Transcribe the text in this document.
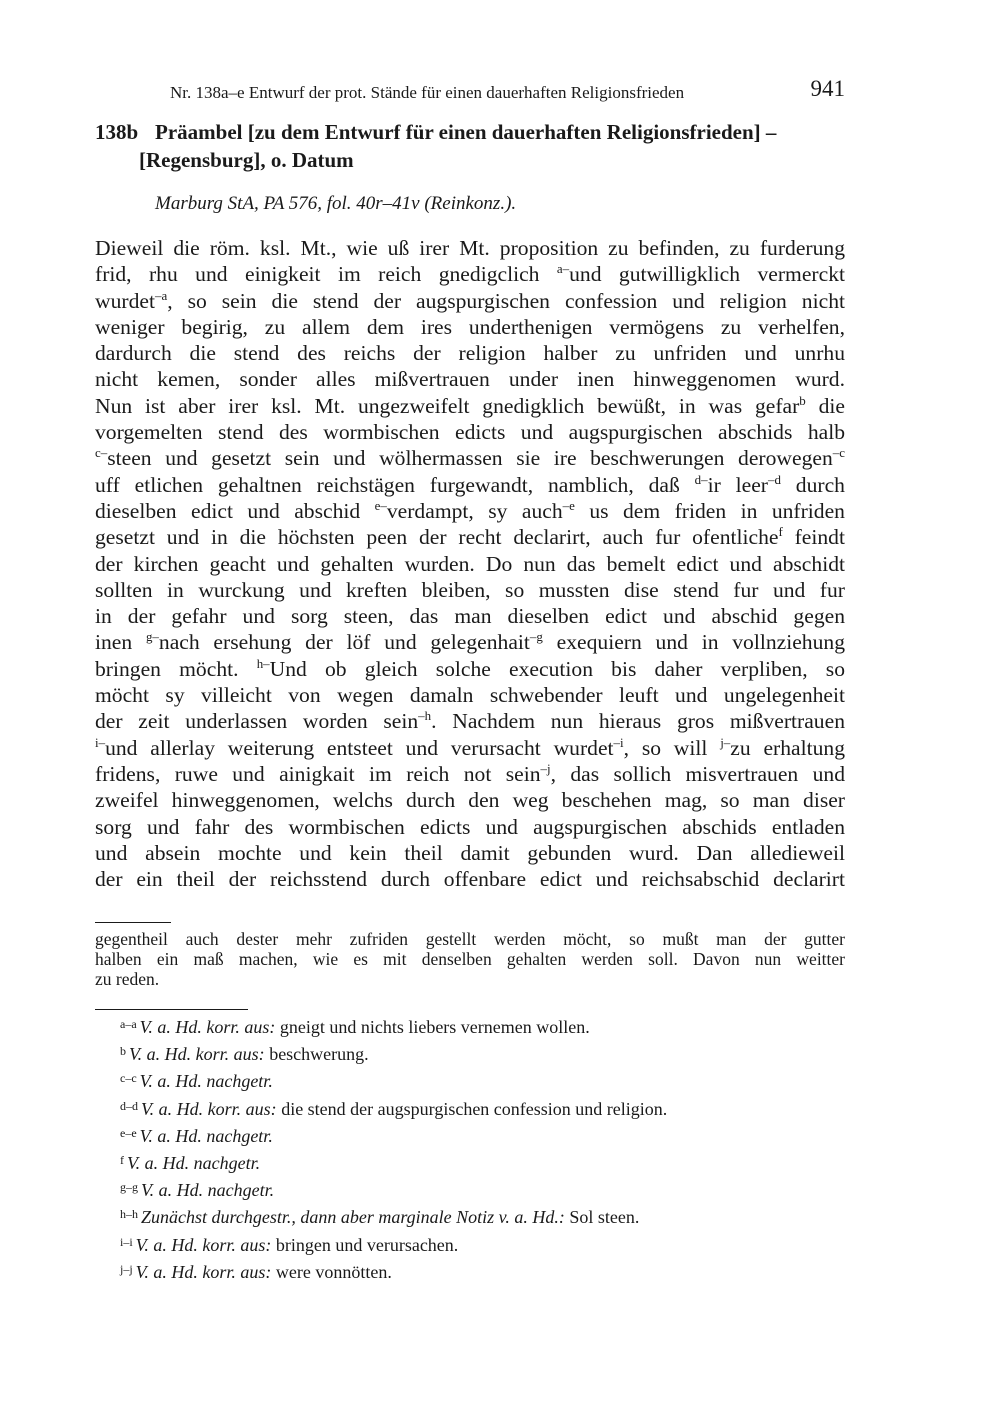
Nr. 138a–e Entwurf der prot. Stände für einen dauerhaften Religionsfrieden	941
138b Präambel [zu dem Entwurf für einen dauerhaften Religionsfrieden] –
[Regensburg], o. Datum
Marburg StA, PA 576, fol. 40r–41v (Reinkonz.).

Dieweil die röm. ksl. Mt., wie uß irer Mt. proposition zu befinden, zu furderung

frid, rhu und einigkeit im reich gnedigclich $^{a-}$und gutwilligklich vermerckt

wurdet$^{-a}$, so sein die stend der augspurgischen confession und religion nicht

weniger begirig, zu allem dem ires underthenigen vermögens zu verhelfen,

dardurch die stend des reichs der religion halber zu unfriden und unrhu

nicht kemen, sonder alles mißvertrauen under inen hinweggenomen wurd.

Nun ist aber irer ksl. Mt. ungezweifelt gnedigklich bewüßt, in was gefar$^b$ die

vorgemelten stend des wormbischen edicts und augspurgischen abschids halb

$^{c-}$steen und gesetzt sein und wölhermassen sie ire beschwerungen derowegen$^{-c}$

uff etlichen gehaltnen reichstägen furgewandt, namblich, daß $^{d-}$ir leer$^{-d}$ durch

dieselben edict und abschid $^{e-}$verdampt, sy auch$^{-e}$ us dem friden in unfriden

gesetzt und in die höchsten peen der recht declarirt, auch fur ofentliche$^f$ feindt

der kirchen geacht und gehalten wurden. Do nun das bemelt edict und abschidt

sollten in wurckung und kreften bleiben, so mussten dise stend fur und fur

in der gefahr und sorg steen, das man dieselben edict und abschid gegen

inen $^{g-}$nach ersehung der löf und gelegenhait$^{-g}$ exequiern und in vollnziehung

bringen möcht. $^{h-}$Und ob gleich solche execution bis daher verpliben, so

möcht sy villeicht von wegen damaln schwebender leuft und ungelegenheit

der zeit underlassen worden sein$^{-h}$. Nachdem nun hieraus gros mißvertrauen

$^{i-}$und allerlay weiterung entsteet und verursacht wurdet$^{-i}$, so will $^{j-}$zu erhaltung

fridens, ruwe und ainigkait im reich not sein$^{-j}$, das sollich misvertrauen und

zweifel hinweggenomen, welchs durch den weg beschehen mag, so man diser

sorg und fahr des wormbischen edicts und augspurgischen abschids entladen

und absein mochte und kein theil damit gebunden wurd. Dan alledieweil

der ein theil der reichsstend durch offenbare edict und reichsabschid declarirt

gegentheil auch dester mehr zufriden gestellt werden möcht, so mußt man der gutter
halben ein maß machen, wie es mit denselben gehalten werden soll. Davon nun weitter
zu reden.
$^{a-a}$ V. a. Hd. korr. aus: gneigt und nichts liebers vernemen wollen.
$^b$ V. a. Hd. korr. aus: beschwerung.
$^{c-c}$ V. a. Hd. nachgetr.
$^{d-d}$ V. a. Hd. korr. aus: die stend der augspurgischen confession und religion.
$^{e-e}$ V. a. Hd. nachgetr.
$^f$ V. a. Hd. nachgetr.
$^{g-g}$ V. a. Hd. nachgetr.
$^{h-h}$ Zunächst durchgestr., dann aber marginale Notiz v. a. Hd.: Sol steen.
$^{i-i}$ V. a. Hd. korr. aus: bringen und verursachen.
$^{j-j}$ V. a. Hd. korr. aus: were vonnötten.
